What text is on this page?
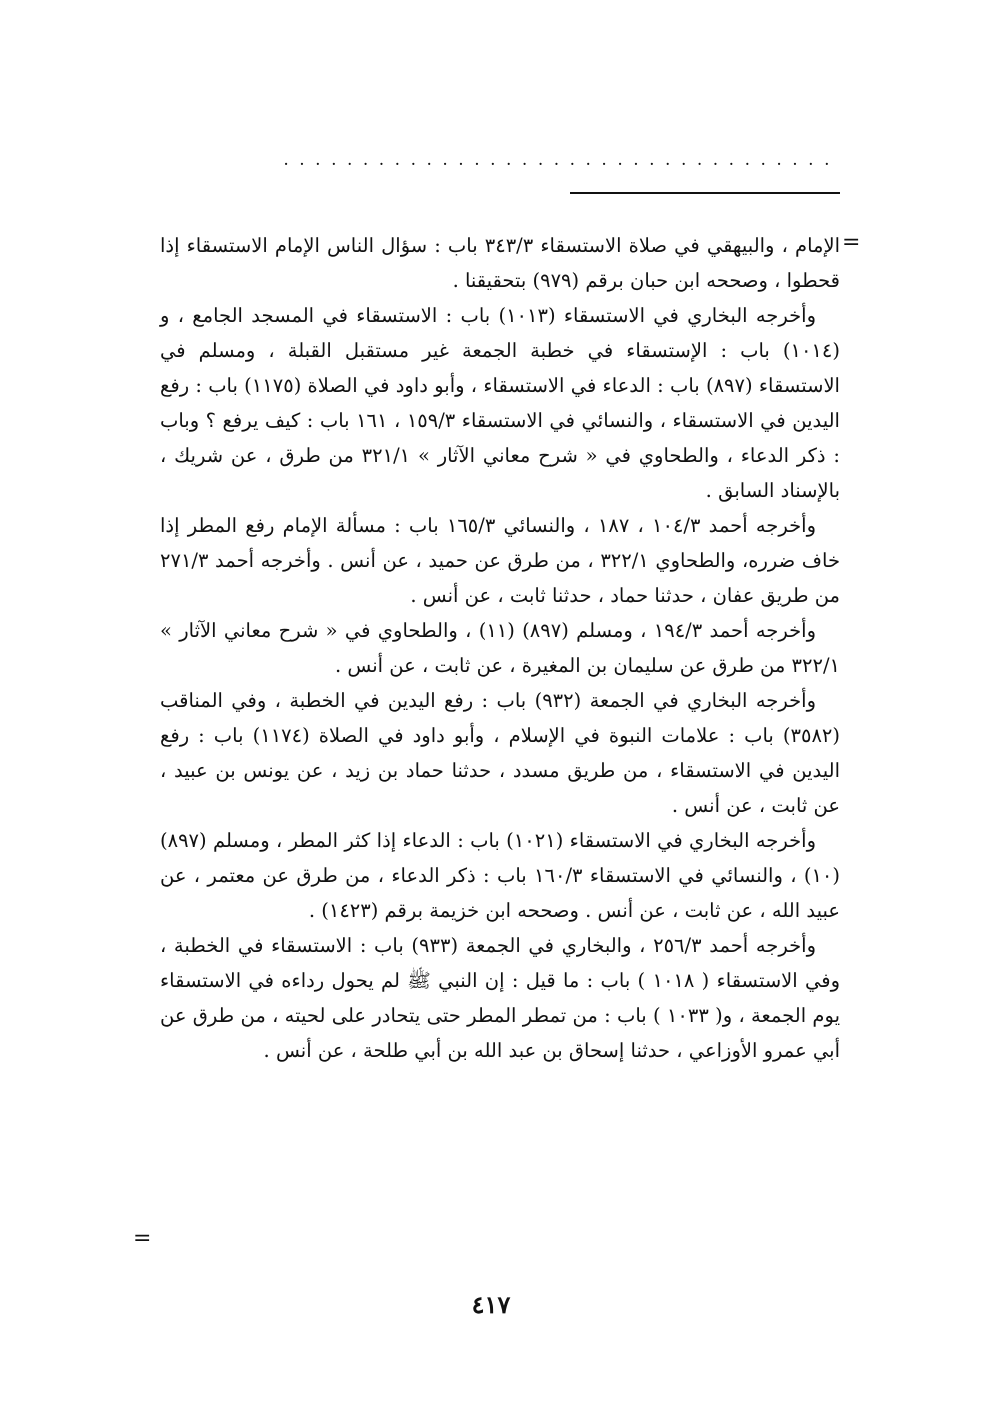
...................................
=

الإمام ، والبيهقي في صلاة الاستسقاء ٣٤٣/٣ باب : سؤال الناس الإمام الاستسقاء إذا قحطوا ، وصححه ابن حبان برقم (٩٧٩) بتحقيقنا .

وأخرجه البخاري في الاستسقاء (١٠١٣) باب : الاستسقاء في المسجد الجامع ، و (١٠١٤) باب : الإستسقاء في خطبة الجمعة غير مستقبل القبلة ، ومسلم في الاستسقاء (٨٩٧) باب : الدعاء في الاستسقاء ، وأبو داود في الصلاة (١١٧٥) باب : رفع اليدين في الاستسقاء ، والنسائي في الاستسقاء ١٥٩/٣ ، ١٦١ باب : كيف يرفع ؟ وباب : ذكر الدعاء ، والطحاوي في « شرح معاني الآثار » ٣٢١/١ من طرق ، عن شريك ، بالإسناد السابق .

وأخرجه أحمد ١٠٤/٣ ، ١٨٧ ، والنسائي ١٦٥/٣ باب : مسألة الإمام رفع المطر إذا خاف ضرره، والطحاوي ٣٢٢/١ ، من طرق عن حميد ، عن أنس . وأخرجه أحمد ٢٧١/٣ من طريق عفان ، حدثنا حماد ، حدثنا ثابت ، عن أنس .

وأخرجه أحمد ١٩٤/٣ ، ومسلم (٨٩٧) (١١) ، والطحاوي في « شرح معاني الآثار » ٣٢٢/١ من طرق عن سليمان بن المغيرة ، عن ثابت ، عن أنس .

وأخرجه البخاري في الجمعة (٩٣٢) باب : رفع اليدين في الخطبة ، وفي المناقب (٣٥٨٢) باب : علامات النبوة في الإسلام ، وأبو داود في الصلاة (١١٧٤) باب : رفع اليدين في الاستسقاء ، من طريق مسدد ، حدثنا حماد بن زيد ، عن يونس بن عبيد ، عن ثابت ، عن أنس .

وأخرجه البخاري في الاستسقاء (١٠٢١) باب : الدعاء إذا كثر المطر ، ومسلم (٨٩٧) (١٠) ، والنسائي في الاستسقاء ١٦٠/٣ باب : ذكر الدعاء ، من طرق عن معتمر ، عن عبيد الله ، عن ثابت ، عن أنس . وصححه ابن خزيمة برقم (١٤٢٣) .

وأخرجه أحمد ٢٥٦/٣ ، والبخاري في الجمعة (٩٣٣) باب : الاستسقاء في الخطبة ، وفي الاستسقاء ( ١٠١٨ ) باب : ما قيل : إن النبي ﷺ لم يحول رداءه في الاستسقاء يوم الجمعة ، و( ١٠٣٣ ) باب : من تمطر المطر حتى يتحادر على لحيته ، من طرق عن أبي عمرو الأوزاعي ، حدثنا إسحاق بن عبد الله بن أبي طلحة ، عن أنس .

=
٤١٧
